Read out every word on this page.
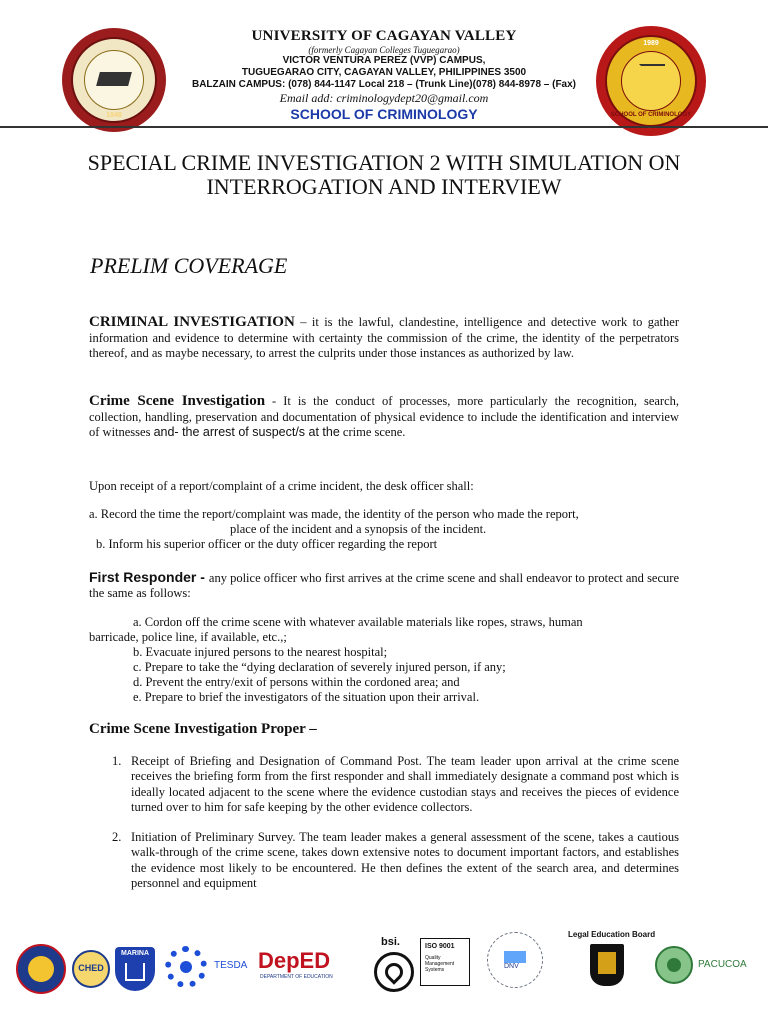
1948
1989
SCHOOL OF CRIMINOLOGY
UNIVERSITY OF CAGAYAN VALLEY
(formerly Cagayan Colleges Tuguegarao)
VICTOR VENTURA PEREZ (VVP) CAMPUS,
TUGUEGARAO CITY, CAGAYAN VALLEY, PHILIPPINES 3500
BALZAIN CAMPUS: (078) 844-1147 Local 218 – (Trunk Line)(078) 844-8978 – (Fax)
Email add: criminologydept20@gmail.com
SCHOOL OF CRIMINOLOGY
SPECIAL CRIME INVESTIGATION 2 WITH SIMULATION ON INTERROGATION AND INTERVIEW
PRELIM COVERAGE
CRIMINAL INVESTIGATION – it is the lawful, clandestine, intelligence and detective work to gather information and evidence to determine with certainty the commission of the crime, the identity of the perpetrators thereof, and as maybe necessary, to arrest the culprits under those instances as authorized by law.
Crime Scene Investigation - It is the conduct of processes, more particularly the recognition, search, collection, handling, preservation and documentation of physical evidence to include the identification and interview of witnesses and- the arrest of suspect/s at the crime scene.
Upon receipt of a report/complaint of a crime incident, the desk officer shall:
a. Record the time the report/complaint was made, the identity of the person who made the report,
place of the incident and a synopsis of the incident.
b. Inform his superior officer or the duty officer regarding the report
First Responder - any police officer who first arrives at the crime scene and shall endeavor to protect and secure the same as follows:
a. Cordon off the crime scene with whatever available materials like ropes, straws, human
barricade, police line, if available, etc.,;
b. Evacuate injured persons to the nearest hospital;
c. Prepare to take the “dying declaration of severely injured person, if any;
d. Prevent the entry/exit of persons within the cordoned area; and
e. Prepare to brief the investigators of the situation upon their arrival.
Crime Scene Investigation Proper –
1. Receipt of Briefing and Designation of Command Post. The team leader upon arrival at the crime scene receives the briefing form from the first responder and shall immediately designate a command post which is ideally located adjacent to the scene where the evidence custodian stays and receives the pieces of evidence turned over to him for safe keeping by the other evidence collectors.
2. Initiation of Preliminary Survey. The team leader makes a general assessment of the scene, takes a cautious walk-through of the crime scene, takes down extensive notes to document important factors, and establishes the evidence most likely to be encountered. He then defines the extent of the search area, and determines personnel and equipment
CHED
MARINA
TESDA DepED
DEPARTMENT OF EDUCATION
bsi.	ISO 9001
Quality Management Systems	DNV
Legal Education Board
PACUCOA
